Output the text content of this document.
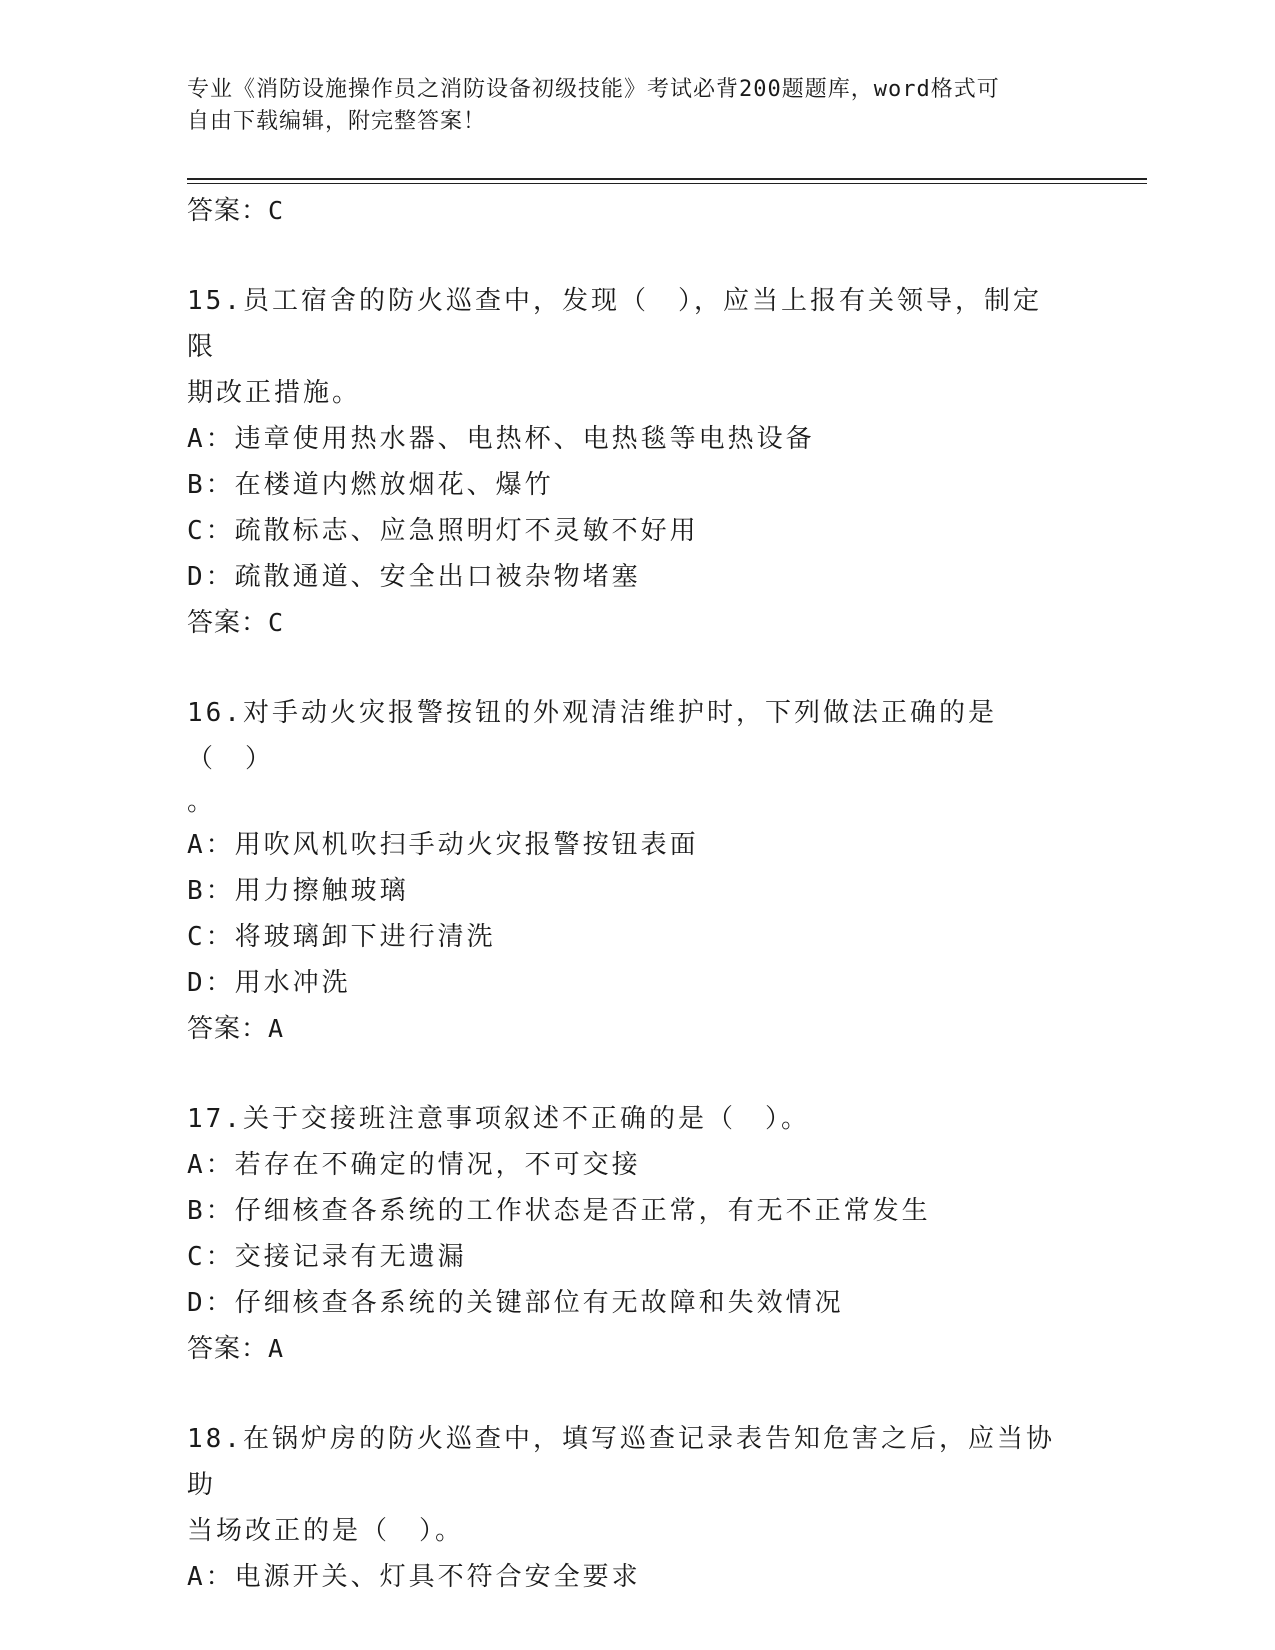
专业《消防设施操作员之消防设备初级技能》考试必背200题题库，word格式可
自由下载编辑，附完整答案！
答案：C
15.员工宿舍的防火巡查中，发现（　），应当上报有关领导，制定限
期改正措施。
A：违章使用热水器、电热杯、电热毯等电热设备
B：在楼道内燃放烟花、爆竹
C：疏散标志、应急照明灯不灵敏不好用
D：疏散通道、安全出口被杂物堵塞
答案：C
16.对手动火灾报警按钮的外观清洁维护时，下列做法正确的是（　）
。
A：用吹风机吹扫手动火灾报警按钮表面
B：用力擦触玻璃
C：将玻璃卸下进行清洗
D：用水冲洗
答案：A
17.关于交接班注意事项叙述不正确的是（　）。
A：若存在不确定的情况，不可交接
B：仔细核查各系统的工作状态是否正常，有无不正常发生
C：交接记录有无遗漏
D：仔细核查各系统的关键部位有无故障和失效情况
答案：A
18.在锅炉房的防火巡查中，填写巡查记录表告知危害之后，应当协助
当场改正的是（　）。
A：电源开关、灯具不符合安全要求
